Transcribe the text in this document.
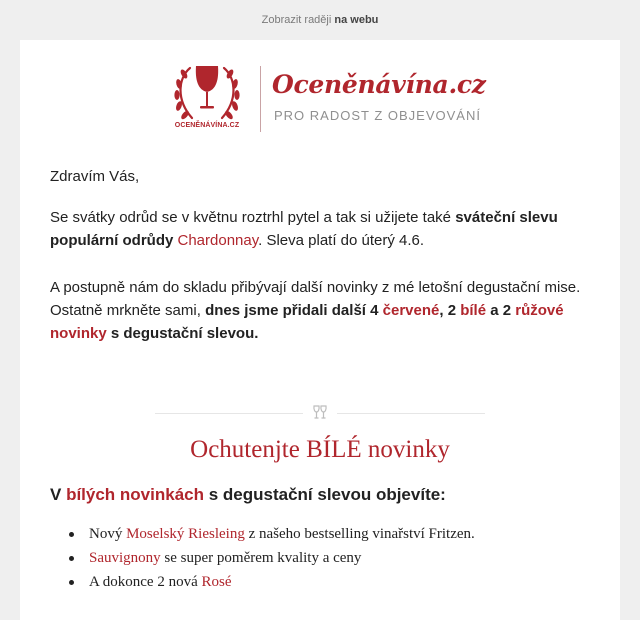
Zobrazit raději na webu
OCENĚNÁVÍNA.CZ
Oceněnávína.cz
PRO RADOST Z OBJEVOVÁNÍ
Zdravím Vás,
Se svátky odrůd se v květnu roztrhl pytel a tak si užijete také sváteční slevu populární odrůdy Chardonnay. Sleva platí do úterý 4.6.
A postupně nám do skladu přibývají další novinky z mé letošní degustační mise. Ostatně mrkněte sami, dnes jsme přidali další 4 červené, 2 bílé a 2 růžové novinky s degustační slevou.
Ochutenjte BÍLÉ novinky
V bílých novinkách s degustační slevou objevíte:
Nový Moselský Riesleing z našeho bestselling vinařství Fritzen.
Sauvignony se super poměrem kvality a ceny
A dokonce 2 nová Rosé
